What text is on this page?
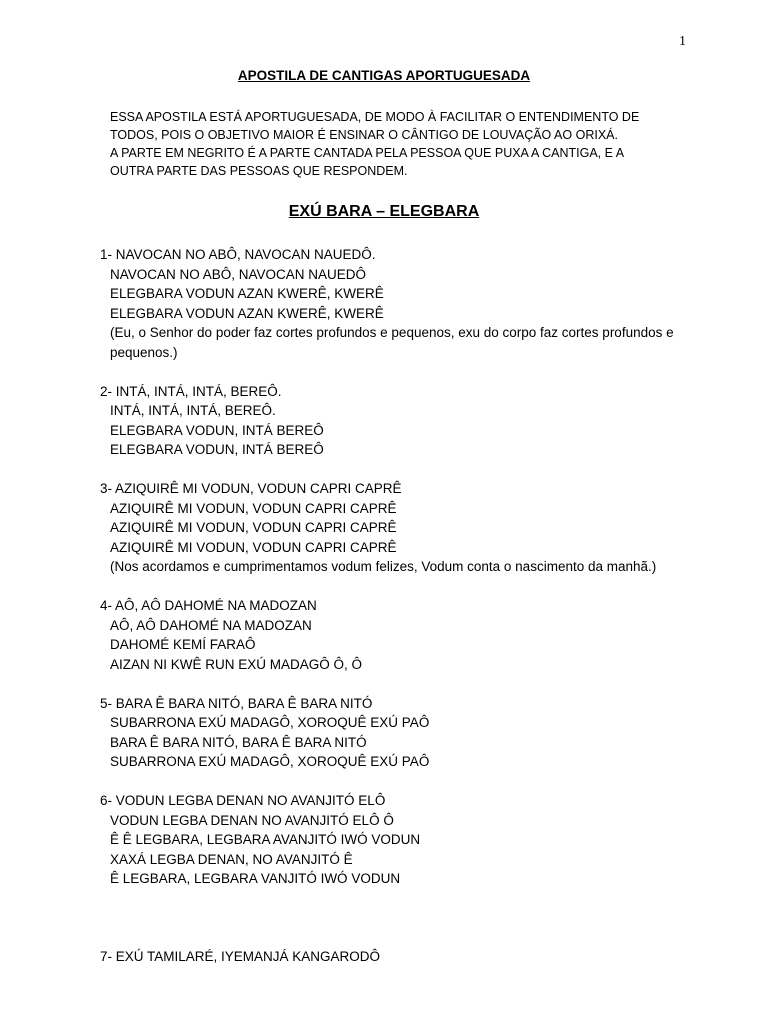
1
APOSTILA DE CANTIGAS APORTUGUESADA
ESSA APOSTILA ESTÁ APORTUGUESADA, DE MODO À FACILITAR O ENTENDIMENTO DE
TODOS, POIS O OBJETIVO MAIOR É ENSINAR O CÂNTIGO DE LOUVAÇÃO AO ORIXÁ.
A PARTE EM NEGRITO É A PARTE CANTADA PELA PESSOA QUE PUXA A CANTIGA, E A
OUTRA PARTE DAS PESSOAS QUE RESPONDEM.
EXÚ BARA – ELEGBARA
1- NAVOCAN NO ABÔ, NAVOCAN NAUEDÔ.
NAVOCAN NO ABÔ, NAVOCAN NAUEDÔ
ELEGBARA VODUN AZAN KWERÊ, KWERÊ
ELEGBARA VODUN AZAN KWERÊ, KWERÊ
(Eu, o Senhor do poder faz cortes profundos e pequenos, exu do corpo faz cortes profundos e pequenos.)
2- INTÁ, INTÁ, INTÁ, BEREÔ.
INTÁ, INTÁ, INTÁ, BEREÔ.
ELEGBARA VODUN, INTÁ BEREÔ
ELEGBARA VODUN, INTÁ BEREÔ
3- AZIQUIRÊ MI VODUN, VODUN CAPRI CAPRÊ
AZIQUIRÊ MI VODUN, VODUN CAPRI CAPRÊ
AZIQUIRÊ MI VODUN, VODUN CAPRI CAPRÊ
AZIQUIRÊ MI VODUN, VODUN CAPRI CAPRÊ
(Nos acordamos e cumprimentamos vodum felizes, Vodum conta o nascimento da manhã.)
4- AÔ, AÔ DAHOMÉ NA MADOZAN
AÔ, AÔ DAHOMÉ NA MADOZAN
DAHOMÉ KEMÍ FARAÔ
AIZAN NI KWÊ RUN EXÚ MADAGÔ Ô, Ô
5- BARA Ê BARA NITÓ, BARA Ê BARA NITÓ
SUBARRONA EXÚ MADAGÔ, XOROQUÊ EXÚ PAÔ
BARA Ê BARA NITÓ, BARA Ê BARA NITÓ
SUBARRONA EXÚ MADAGÔ, XOROQUÊ EXÚ PAÔ
6- VODUN LEGBA DENAN NO AVANJITÓ ELÔ
VODUN LEGBA DENAN NO AVANJITÓ ELÔ Ô
Ê Ê LEGBARA, LEGBARA AVANJITÓ IWÓ VODUN
XAXÁ LEGBA DENAN, NO AVANJITÓ Ê
Ê LEGBARA, LEGBARA VANJITÓ IWÓ VODUN
7- EXÚ TAMILARÉ, IYEMANJÁ KANGARODÔ
